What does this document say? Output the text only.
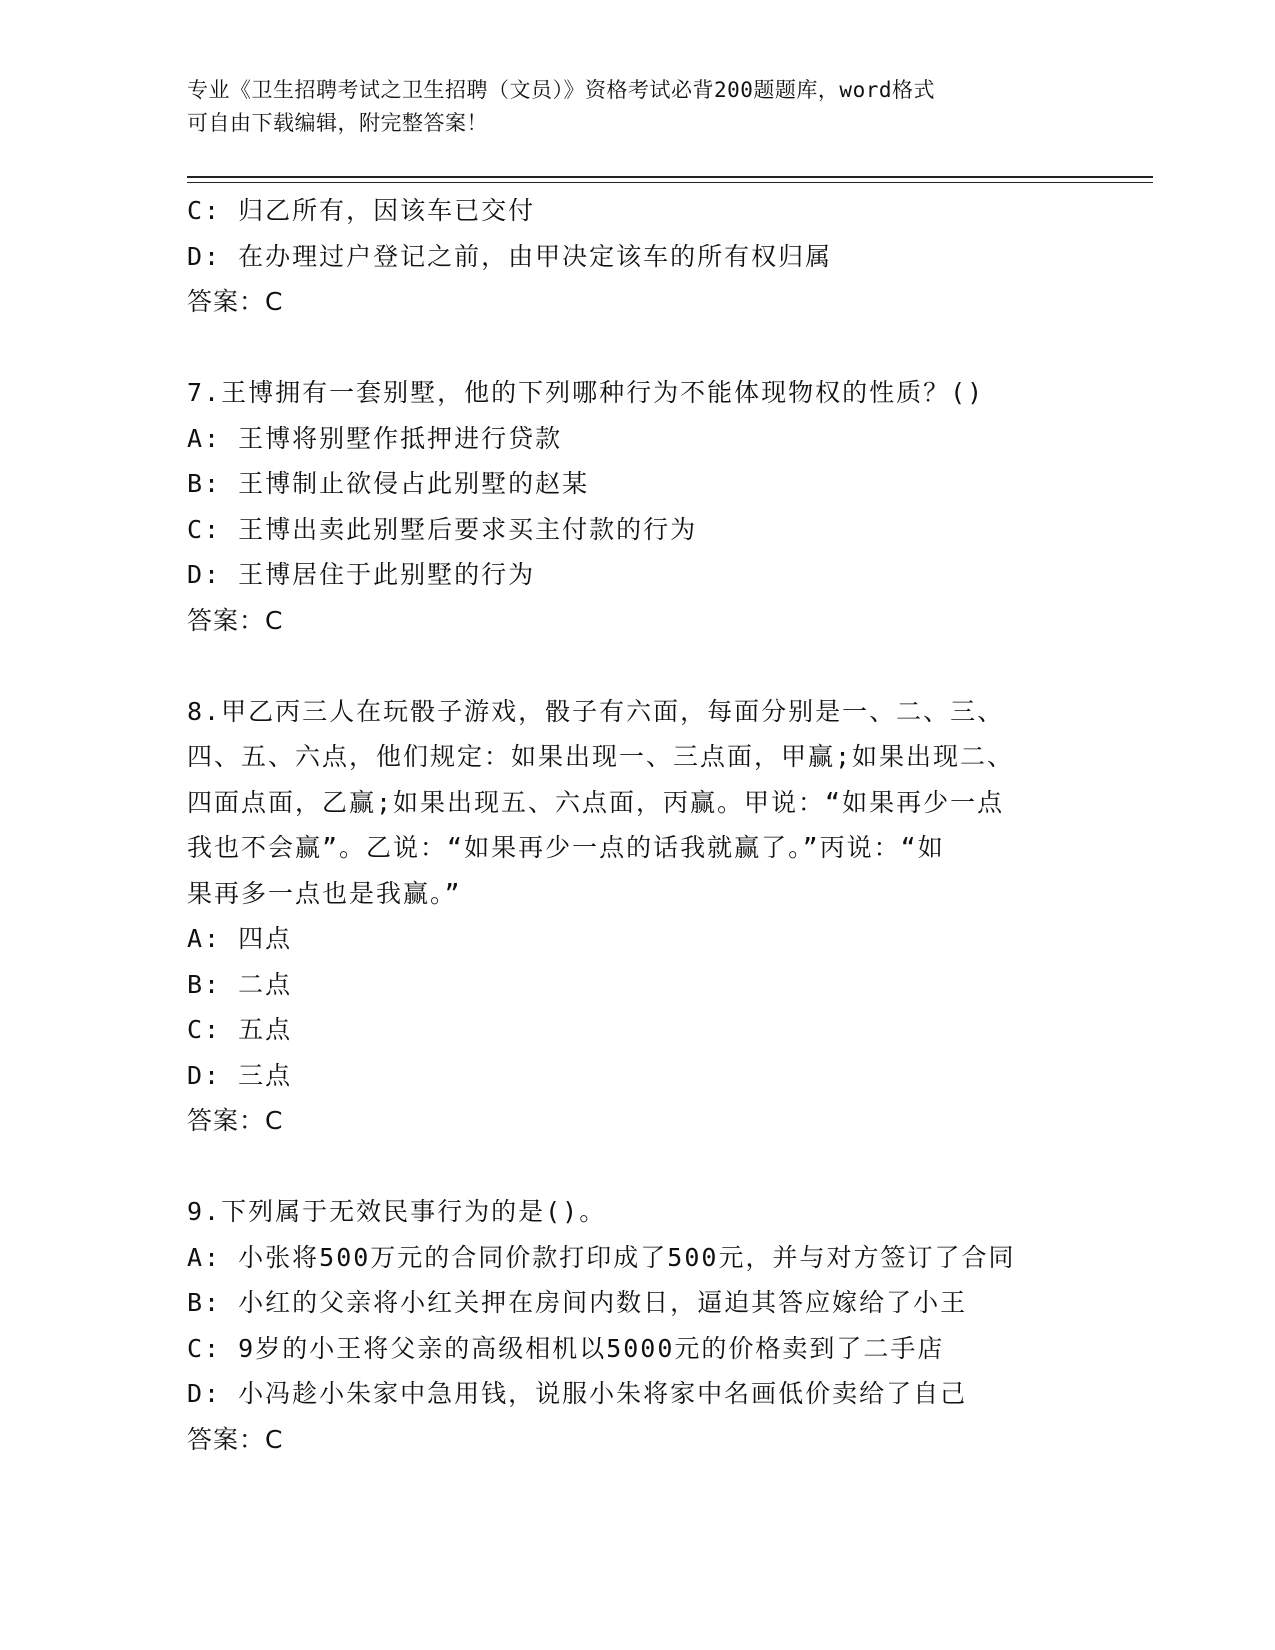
专业《卫生招聘考试之卫生招聘（文员）》资格考试必背200题题库，word格式
可自由下载编辑，附完整答案！
C: 归乙所有，因该车已交付
D: 在办理过户登记之前，由甲决定该车的所有权归属
答案：C
7.王博拥有一套别墅，他的下列哪种行为不能体现物权的性质？()
A: 王博将别墅作抵押进行贷款
B: 王博制止欲侵占此别墅的赵某
C: 王博出卖此别墅后要求买主付款的行为
D: 王博居住于此别墅的行为
答案：C
8.甲乙丙三人在玩骰子游戏，骰子有六面，每面分别是一、二、三、
四、五、六点，他们规定：如果出现一、三点面，甲赢;如果出现二、
四面点面，乙赢;如果出现五、六点面，丙赢。甲说：“如果再少一点
我也不会赢”。乙说：“如果再少一点的话我就赢了。”丙说：“如
果再多一点也是我赢。”
A: 四点
B: 二点
C: 五点
D: 三点
答案：C
9.下列属于无效民事行为的是()。
A: 小张将500万元的合同价款打印成了500元，并与对方签订了合同
B: 小红的父亲将小红关押在房间内数日，逼迫其答应嫁给了小王
C: 9岁的小王将父亲的高级相机以5000元的价格卖到了二手店
D: 小冯趁小朱家中急用钱，说服小朱将家中名画低价卖给了自己
答案：C
